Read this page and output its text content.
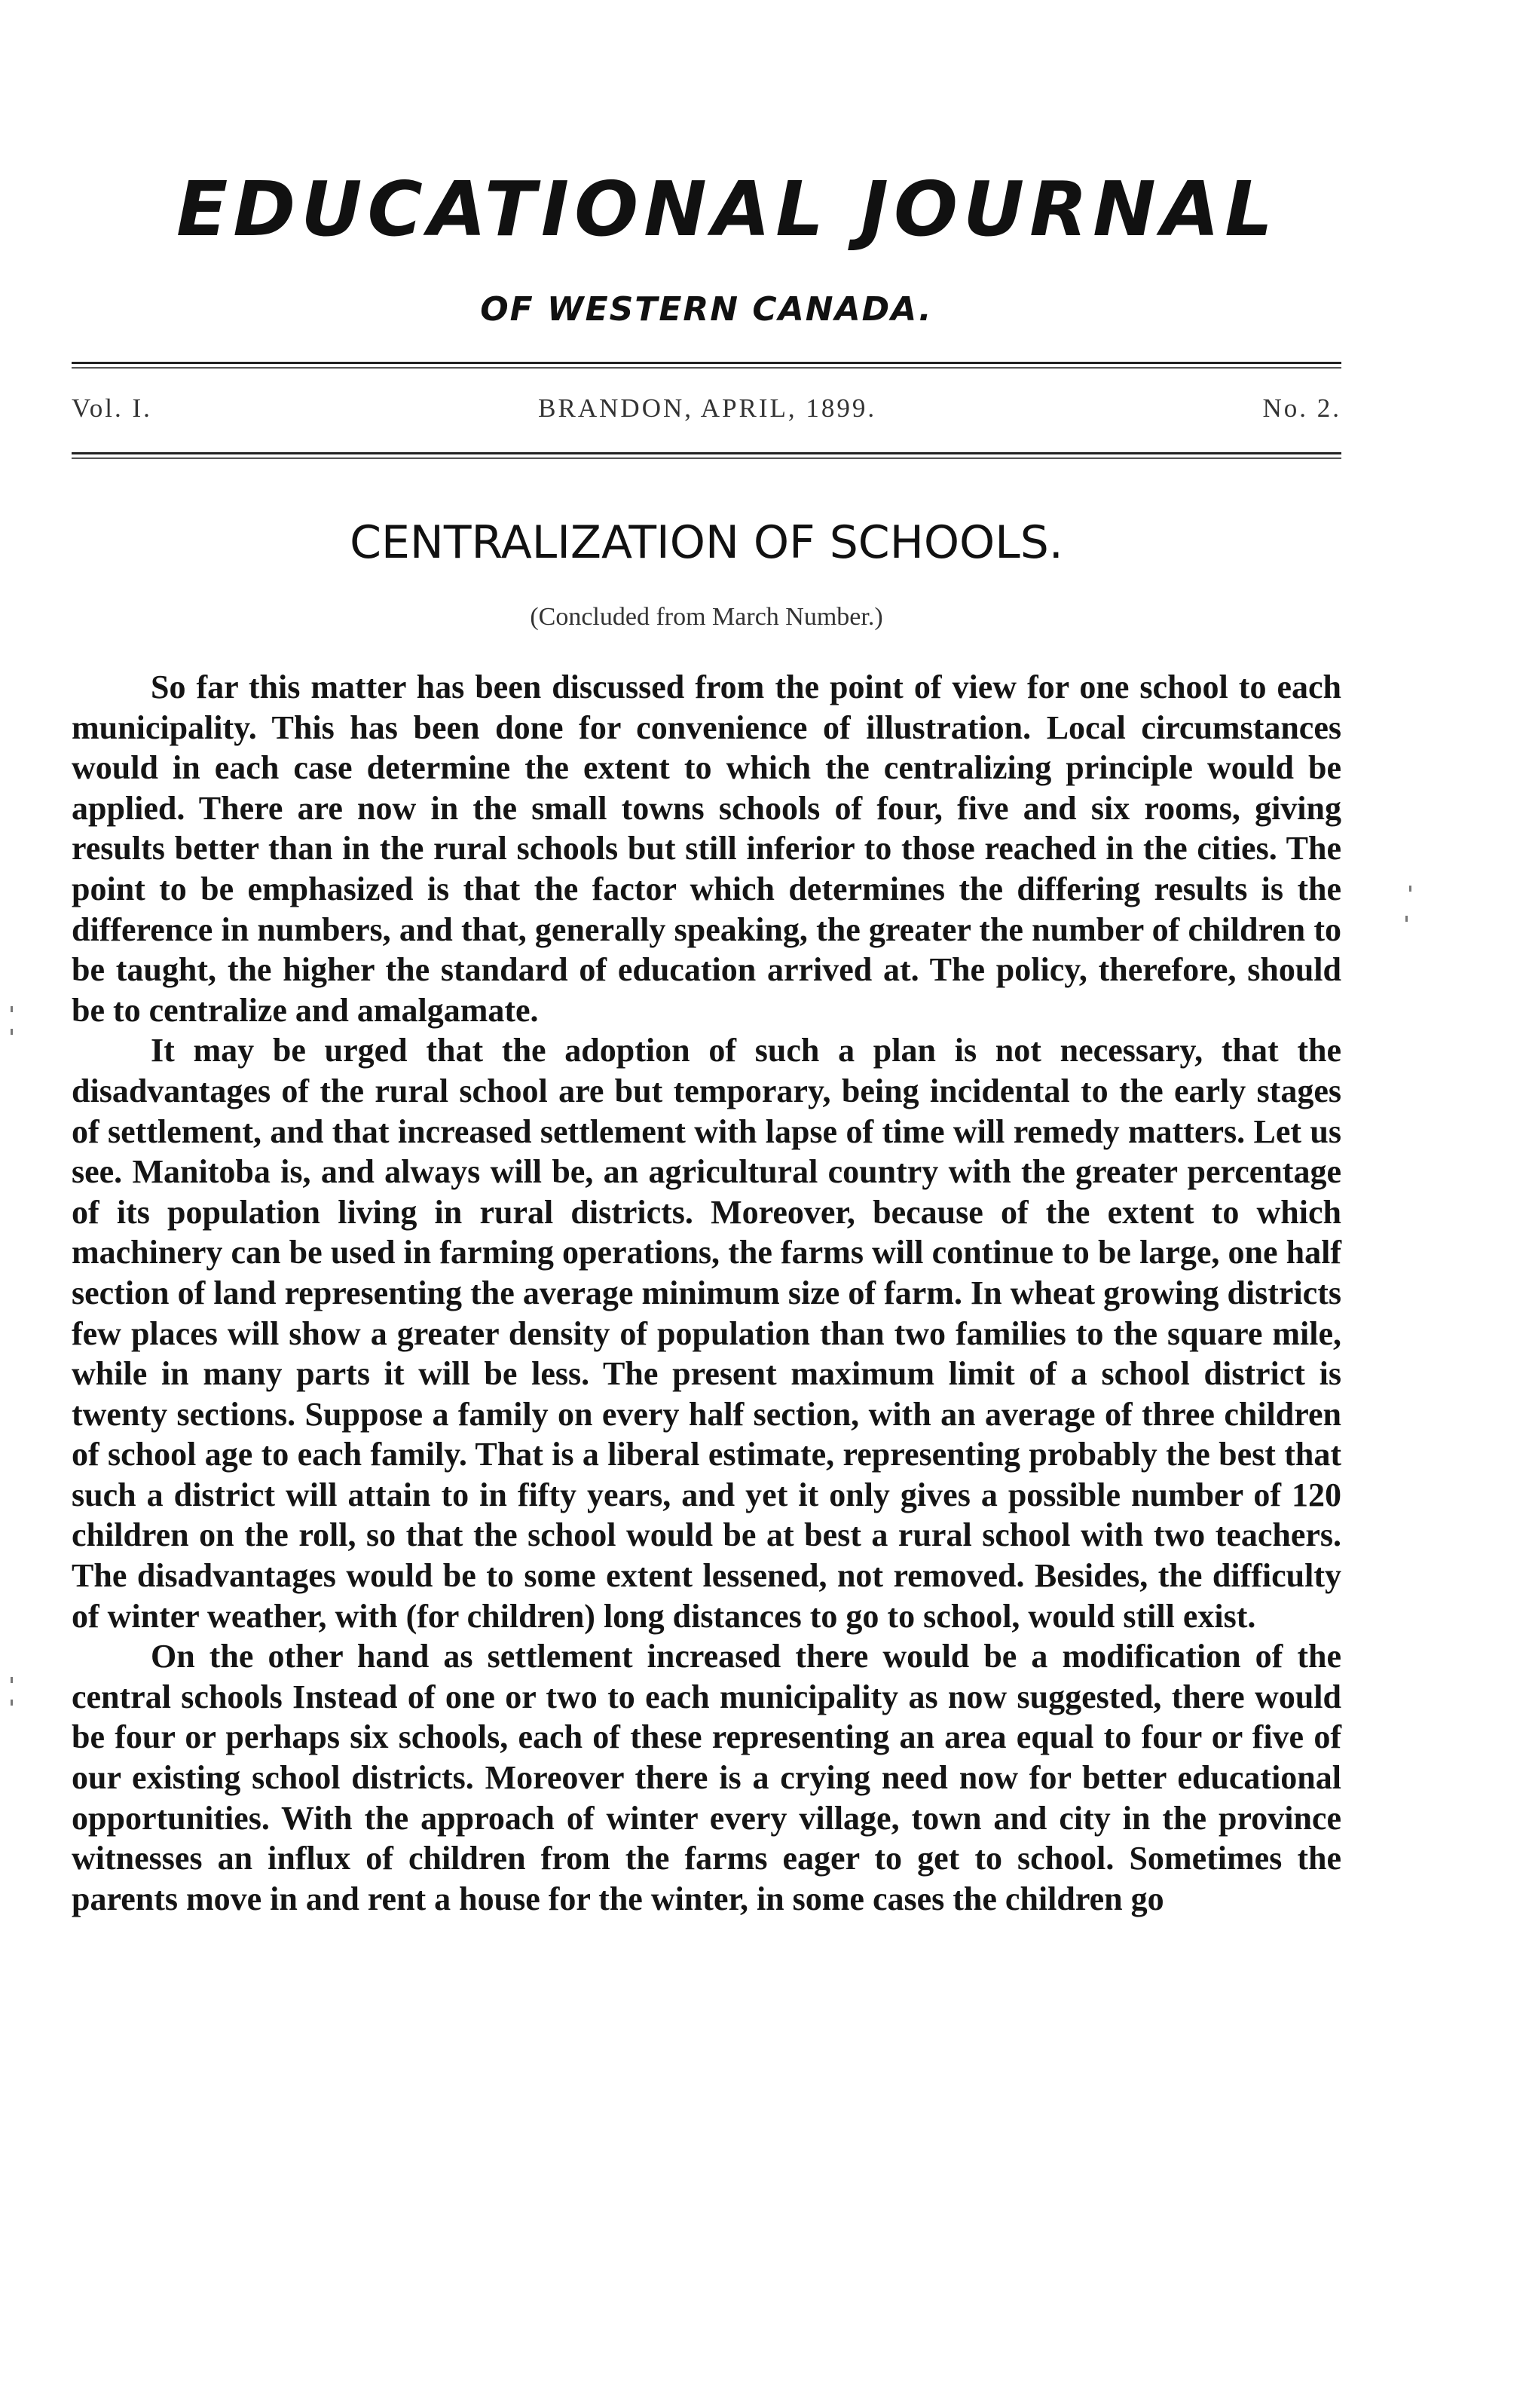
EDUCATIONAL JOURNAL
OF WESTERN CANADA.
Vol. I.	BRANDON, APRIL, 1899.	No. 2.
CENTRALIZATION OF SCHOOLS.
(Concluded from March Number.)

So far this matter has been discussed from the point of view for one school to each municipality. This has been done for convenience of illustration. Local circumstances would in each case determine the extent to which the centralizing principle would be applied. There are now in the small towns schools of four, five and six rooms, giving results better than in the rural schools but still inferior to those reached in the cities. The point to be emphasized is that the factor which determines the differing results is the difference in numbers, and that, generally speaking, the greater the number of children to be taught, the higher the standard of education arrived at. The policy, therefore, should be to centralize and amalgamate.

It may be urged that the adoption of such a plan is not necessary, that the disadvantages of the rural school are but temporary, being incidental to the early stages of settlement, and that increased settlement with lapse of time will remedy matters. Let us see. Manitoba is, and always will be, an agricultural country with the greater percentage of its population living in rural districts. Moreover, because of the extent to which machinery can be used in farming operations, the farms will continue to be large, one half section of land representing the average minimum size of farm. In wheat growing districts few places will show a greater density of population than two families to the square mile, while in many parts it will be less. The present maximum limit of a school district is twenty sections. Suppose a family on every half section, with an average of three children of school age to each family. That is a liberal estimate, representing probably the best that such a district will attain to in fifty years, and yet it only gives a possible number of 120 children on the roll, so that the school would be at best a rural school with two teachers. The disadvantages would be to some extent lessened, not removed. Besides, the difficulty of winter weather, with (for children) long distances to go to school, would still exist.

On the other hand as settlement increased there would be a modification of the central schools Instead of one or two to each municipality as now suggested, there would be four or perhaps six schools, each of these representing an area equal to four or five of our existing school districts. Moreover there is a crying need now for better educational opportunities. With the approach of winter every village, town and city in the province witnesses an influx of children from the farms eager to get to school. Sometimes the parents move in and rent a house for the winter, in some cases the children go
